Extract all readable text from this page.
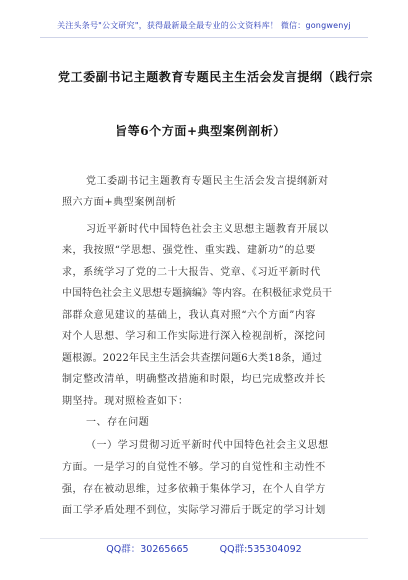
关注头条号"公文研究"，获得最新最全最专业的公文资料库！ 微信：gongwenyj
党工委副书记主题教育专题民主生活会发言提纲（践行宗
旨等6个方面+典型案例剖析）
党工委副书记主题教育专题民主生活会发言提纲新对
照六方面+典型案例剖析
习近平新时代中国特色社会主义思想主题教育开展以
来，我按照“学思想、强党性、重实践、建新功”的总要
求，系统学习了党的二十大报告、党章、《习近平新时代
中国特色社会主义思想专题摘编》等内容。在积极征求党员干
部群众意见建议的基础上，我认真对照“六个方面”内容
对个人思想、学习和工作实际进行深入检视剖析，深挖问
题根源。2022年民主生活会共查摆问题6大类18条，通过
制定整改清单，明确整改措施和时限，均已完成整改并长
期坚持。现对照检查如下：
一、存在问题
（一）学习贯彻习近平新时代中国特色社会主义思想
方面。一是学习的自觉性不够。学习的自觉性和主动性不
强，存在被动思维，过多依赖于集体学习，在个人自学方
面工学矛盾处理不到位，实际学习滞后于既定的学习计划
QQ群：30265665	QQ群:535304092
